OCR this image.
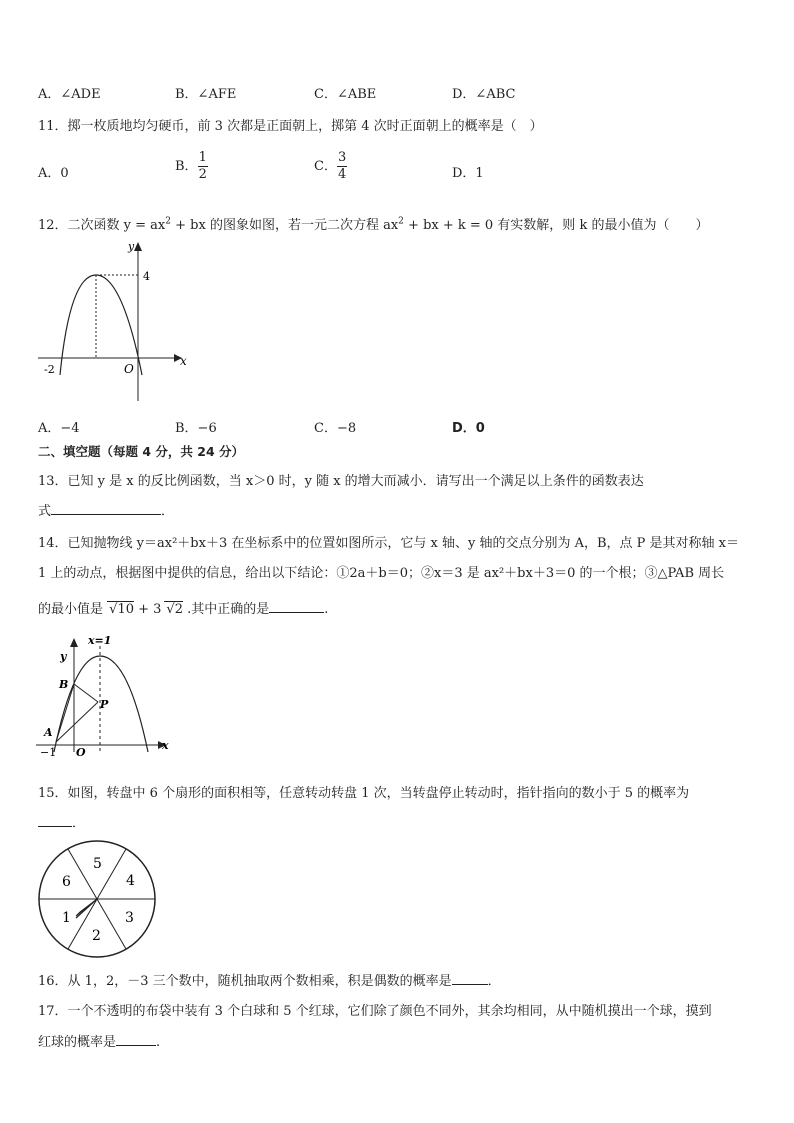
A．∠ADE	B．∠AFE	C．∠ABE	D．∠ABC
11．掷一枚质地均匀硬币，前 3 次都是正面朝上，掷第 4 次时正面朝上的概率是（　）
A．0	B． $\frac{1}{2}$	C． $\frac{3}{4}$	D．1
12．二次函数 $y = ax^2$ + bx 的图象如图，若一元二次方程 $ax^2$ + bx + k = 0 有实数解，则 k 的最小值为（　　）
y
x
O
4
-2
A．−4	B．−6	C．−8	D．0
二、填空题（每题 4 分，共 24 分）
13．已知 y 是 x 的反比例函数，当 x＞0 时，y 随 x 的增大而减小．请写出一个满足以上条件的函数表达
式	．
14．已知抛物线 y＝ax²＋bx＋3 在坐标系中的位置如图所示，它与 x 轴、y 轴的交点分别为 A，B，点 P 是其对称轴 x＝
1 上的动点，根据图中提供的信息，给出以下结论：①2a＋b＝0；②x＝3 是 ax²＋bx＋3＝0 的一个根；③△PAB 周长
的最小值是 √10 + 3 √2 .其中正确的是	.
x=1
y
x
B
P
A
O
−1
15．如图，转盘中 6 个扇形的面积相等，任意转动转盘 1 次，当转盘停止转动时，指针指向的数小于 5 的概率为
．
5
4
3
2
1
6
16．从 1，2，－3 三个数中，随机抽取两个数相乘，积是偶数的概率是	．
17．一个不透明的布袋中装有 3 个白球和 5 个红球，它们除了颜色不同外，其余均相同，从中随机摸出一个球，摸到
红球的概率是	.
